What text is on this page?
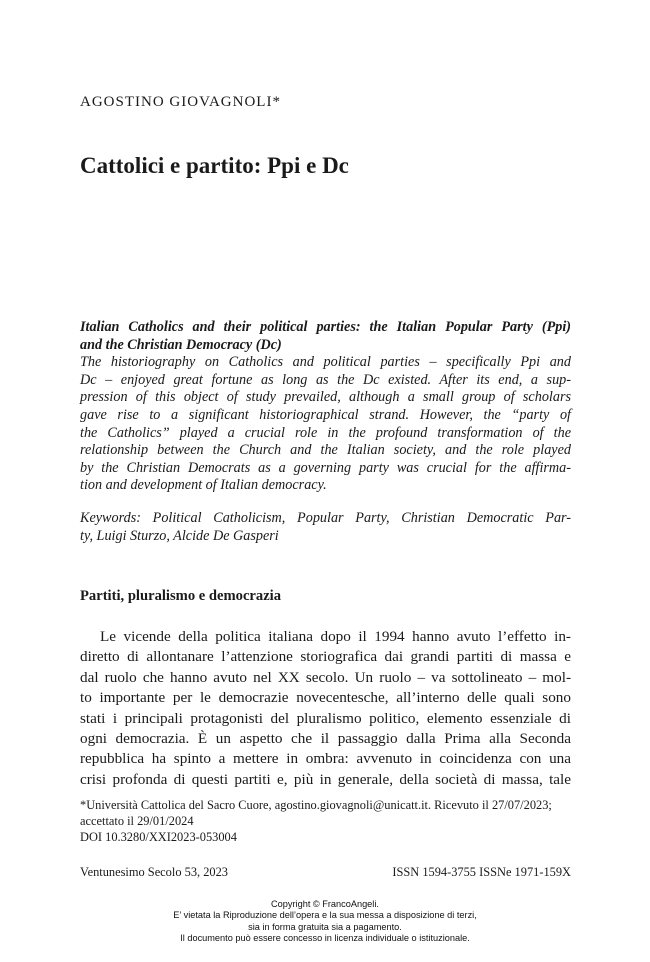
AGOSTINO GIOVAGNOLI*
Cattolici e partito: Ppi e Dc
Italian Catholics and their political parties: the Italian Popular Party (Ppi)
and the Christian Democracy (Dc)
The historiography on Catholics and political parties – specifically Ppi and
Dc – enjoyed great fortune as long as the Dc existed. After its end, a sup-
pression of this object of study prevailed, although a small group of scholars
gave rise to a significant historiographical strand. However, the “party of
the Catholics” played a crucial role in the profound transformation of the
relationship between the Church and the Italian society, and the role played
by the Christian Democrats as a governing party was crucial for the affirma-
tion and development of Italian democracy.
Keywords: Political Catholicism, Popular Party, Christian Democratic Par-
ty, Luigi Sturzo, Alcide De Gasperi
Partiti, pluralismo e democrazia
Le vicende della politica italiana dopo il 1994 hanno avuto l’effetto in-
diretto di allontanare l’attenzione storiografica dai grandi partiti di massa e
dal ruolo che hanno avuto nel XX secolo. Un ruolo – va sottolineato – mol-
to importante per le democrazie novecentesche, all’interno delle quali sono
stati i principali protagonisti del pluralismo politico, elemento essenziale di
ogni democrazia. È un aspetto che il passaggio dalla Prima alla Seconda
repubblica ha spinto a mettere in ombra: avvenuto in coincidenza con una
crisi profonda di questi partiti e, più in generale, della società di massa, tale
*Università Cattolica del Sacro Cuore, agostino.giovagnoli@unicatt.it. Ricevuto il 27/07/2023;
accettato il 29/01/2024
DOI 10.3280/XXI2023-053004
Ventunesimo Secolo 53, 2023	ISSN 1594-3755 ISSNe 1971-159X
Copyright © FrancoAngeli.
E’ vietata la Riproduzione dell’opera e la sua messa a disposizione di terzi,
sia in forma gratuita sia a pagamento.
Il documento può essere concesso in licenza individuale o istituzionale.
